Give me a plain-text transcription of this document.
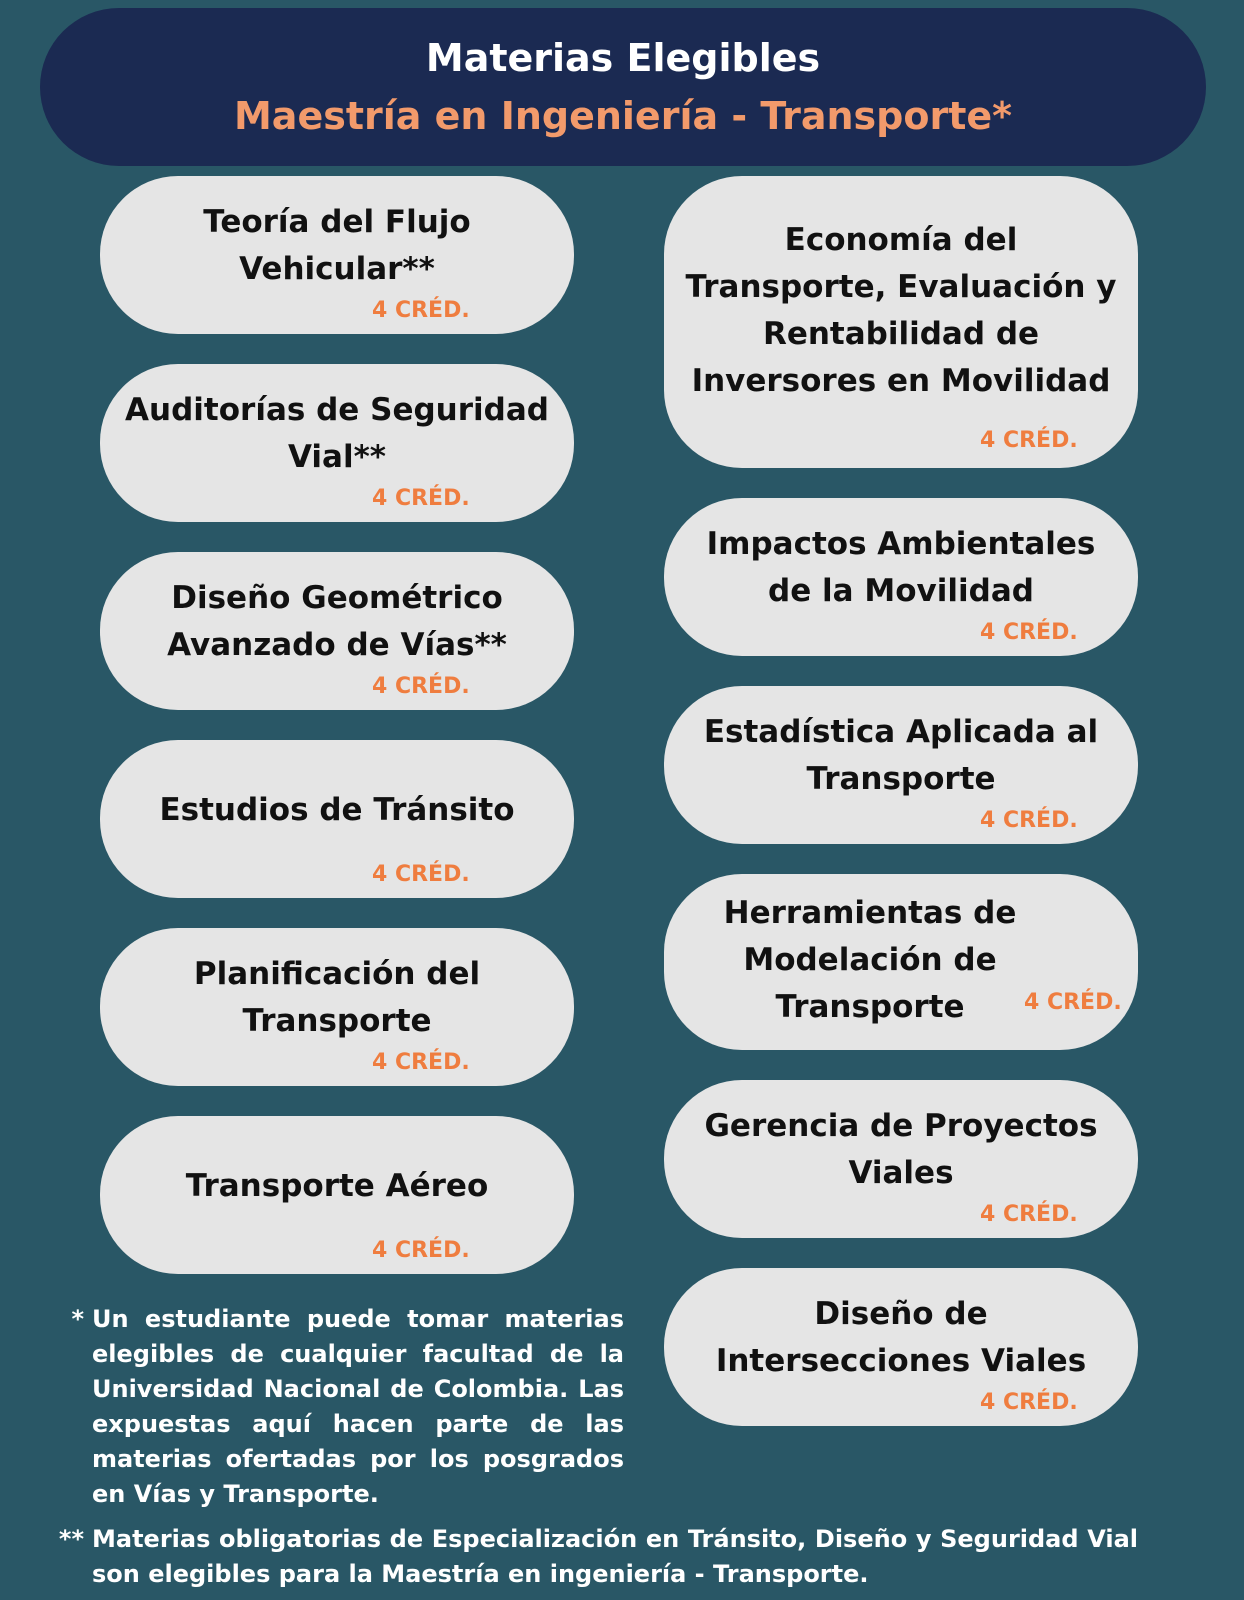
Materias Elegibles
Maestría en Ingeniería - Transporte*
Teoría del Flujo Vehicular**
4 CRÉD.
Auditorías de Seguridad Vial**
4 CRÉD.
Diseño Geométrico Avanzado de Vías**
4 CRÉD.
Estudios de Tránsito
4 CRÉD.
Planificación del Transporte
4 CRÉD.
Transporte Aéreo
4 CRÉD.
Economía del Transporte, Evaluación y Rentabilidad de Inversores en Movilidad
4 CRÉD.
Impactos Ambientales de la Movilidad
4 CRÉD.
Estadística Aplicada al Transporte
4 CRÉD.
Herramientas de Modelación de Transporte	4 CRÉD.
Gerencia de Proyectos Viales
4 CRÉD.
Diseño de Intersecciones Viales
4 CRÉD.
* Un estudiante puede tomar materias elegibles de cualquier facultad de la Universidad Nacional de Colombia. Las expuestas aquí hacen parte de las materias ofertadas por los posgrados en Vías y Transporte.
** Materias obligatorias de Especialización en Tránsito, Diseño y Seguridad Vial son elegibles para la Maestría en ingeniería - Transporte.
